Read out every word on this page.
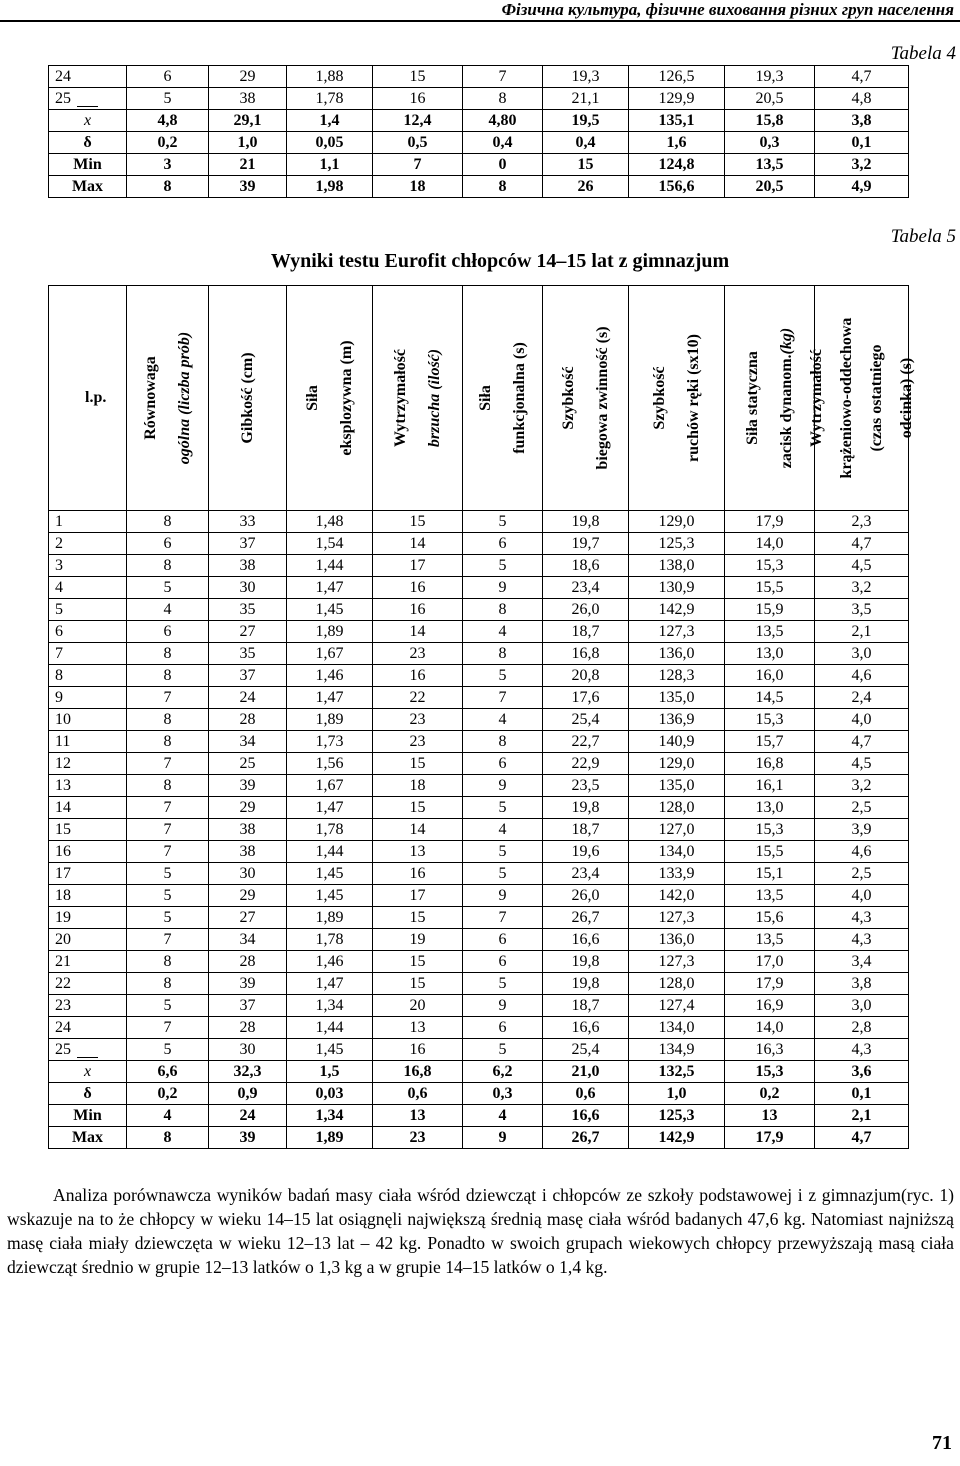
Фізична культура, фізичне виховання різних груп населення
Tabela 4
24	6	29	1,88	15	7	19,3	126,5	19,3	4,7
25	5	38	1,78	16	8	21,1	129,9	20,5	4,8
x	4,8	29,1	1,4	12,4	4,80	19,5	135,1	15,8	3,8
δ	0,2	1,0	0,05	0,5	0,4	0,4	1,6	0,3	0,1
Min	3	21	1,1	7	0	15	124,8	13,5	3,2
Max	8	39	1,98	18	8	26	156,6	20,5	4,9
Tabela 5
Wyniki testu Eurofit chłopców 14–15 lat z gimnazjum
l.p.	Równowaga ogólna (liczba prób)	Gibkość (cm)	Siła eksplozywna (m)	Wytrzymałość brzucha (ilość)	Siła funkcjonalna (s)	Szybkość biegowa zwinność (s)	Szybkość ruchów ręki (sx10)	Siła statyczna zacisk dynanom.(kg)	Wytrzymałość krążeniowo-oddechowa (czas ostatniego odcinka) (s)

1	8	33	1,48	15	5	19,8	129,0	17,9	2,3
2	6	37	1,54	14	6	19,7	125,3	14,0	4,7
3	8	38	1,44	17	5	18,6	138,0	15,3	4,5
4	5	30	1,47	16	9	23,4	130,9	15,5	3,2
5	4	35	1,45	16	8	26,0	142,9	15,9	3,5
6	6	27	1,89	14	4	18,7	127,3	13,5	2,1
7	8	35	1,67	23	8	16,8	136,0	13,0	3,0
8	8	37	1,46	16	5	20,8	128,3	16,0	4,6
9	7	24	1,47	22	7	17,6	135,0	14,5	2,4
10	8	28	1,89	23	4	25,4	136,9	15,3	4,0
11	8	34	1,73	23	8	22,7	140,9	15,7	4,7
12	7	25	1,56	15	6	22,9	129,0	16,8	4,5
13	8	39	1,67	18	9	23,5	135,0	16,1	3,2
14	7	29	1,47	15	5	19,8	128,0	13,0	2,5
15	7	38	1,78	14	4	18,7	127,0	15,3	3,9
16	7	38	1,44	13	5	19,6	134,0	15,5	4,6
17	5	30	1,45	16	5	23,4	133,9	15,1	2,5
18	5	29	1,45	17	9	26,0	142,0	13,5	4,0
19	5	27	1,89	15	7	26,7	127,3	15,6	4,3
20	7	34	1,78	19	6	16,6	136,0	13,5	4,3
21	8	28	1,46	15	6	19,8	127,3	17,0	3,4
22	8	39	1,47	15	5	19,8	128,0	17,9	3,8
23	5	37	1,34	20	9	18,7	127,4	16,9	3,0
24	7	28	1,44	13	6	16,6	134,0	14,0	2,8
25	5	30	1,45	16	5	25,4	134,9	16,3	4,3
x	6,6	32,3	1,5	16,8	6,2	21,0	132,5	15,3	3,6
δ	0,2	0,9	0,03	0,6	0,3	0,6	1,0	0,2	0,1
Min	4	24	1,34	13	4	16,6	125,3	13	2,1
Max	8	39	1,89	23	9	26,7	142,9	17,9	4,7
Analiza porównawcza wyników badań masy ciała wśród dziewcząt i chłopców ze szkoły podstawowej i z gimnazjum(ryc. 1) wskazuje na to że chłopcy w wieku 14–15 lat osiągnęli największą średnią masę ciała wśród badanych 47,6 kg. Natomiast najniższą masę ciała miały dziewczęta w wieku 12–13 lat – 42 kg. Ponadto w swoich grupach wiekowych chłopcy przewyższają masą ciała dziewcząt średnio w grupie 12–13 latków o 1,3 kg a w grupie 14–15 latków o 1,4 kg.
71
